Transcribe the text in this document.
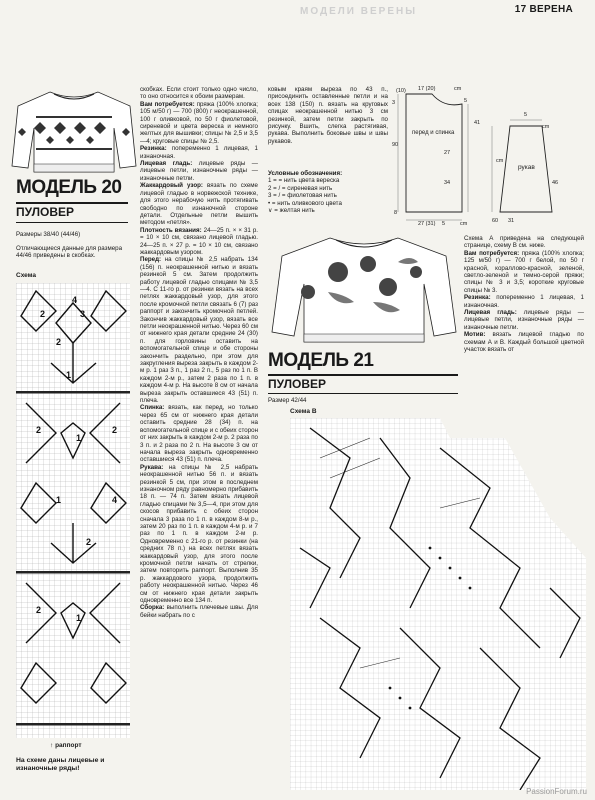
МОДЕЛИ ВЕРЕНЫ	17 ВЕРЕНА
МОДЕЛЬ 20
ПУЛОВЕР
Размеры 38/40 (44/46)
Отличающиеся данные для размера 44/46 приведены в скобках.
Схема
2
4
3
2
1
2
1
2
1
2
4
2
1
↑ раппорт
На схеме даны лицевые и изнаночные ряды!
скобках. Если стоит только одно число, то оно относится к обоим размерам.
Вам потребуется: пряжа (100% хлопка; 105 м/50 г) — 700 (800) г неокрашенной, 100 г оливковой, по 50 г фиолетовой, сиреневой и цвета вереска и немного желтых для вышивки; спицы № 2,5 и 3,5—4; круговые спицы № 2,5.
Резинка: попеременно 1 лицевая, 1 изнаночная.
Лицевая гладь: лицевые ряды — лицевые петли, изнаночные ряды — изнаночные петли.
Жаккардовый узор: вязать по схеме лицевой гладью в норвежской технике, для этого нерабочую нить протягивать свободно по изнаночной стороне детали. Отдельные петли вышить методом «петля».
Плотность вязания: 24—25 п. × × 31 р. = 10 × 10 см, связано лицевой гладью. 24—25 п. × 27 р. = 10 × 10 см, связано жаккардовым узором.
Перед: на спицы № 2,5 набрать 134 (156) п. неокрашенной нитью и вязать резинкой 5 см. Затем продолжить работу лицевой гладью спицами № 3,5—4. С 11-го р. от резинки вязать на всех петлях жаккардовый узор, для этого после кромочной петли связать 6 (7) раз раппорт и закончить кромочной петлей. Закончив жаккардовый узор, вязать все петли неокрашенной нитью. Через 60 см от нижнего края детали средние 24 (30) п. для горловины оставить на вспомогательной спице и обе стороны закончить раздельно, при этом для закругления выреза закрыть в каждом 2-м р. 1 раз 3 п., 1 раз 2 п., 5 раз по 1 п. В каждом 2-м р., затем 2 раза по 1 п. в каждом 4-м р. На высоте 8 см от начала выреза закрыть оставшиеся 43 (51) п. плеча.
Спинка: вязать, как перед, но только через 65 см от нижнего края детали оставить средние 28 (34) п. на вспомогательной спице и с обеих сторон от них закрыть в каждом 2-м р. 2 раза по 3 п. и 2 раза по 2 п. На высоте 3 см от начала выреза закрыть одновременно оставшиеся 43 (51) п. плеча.
Рукава: на спицы № 2,5 набрать неокрашенной нитью 56 п. и вязать резинкой 5 см, при этом в последнем изнаночном ряду равномерно прибавить 18 п. — 74 п. Затем вязать лицевой гладью спицами № 3,5—4, при этом для скосов прибавить с обеих сторон сначала 3 раза по 1 п. в каждом 8-м р., затем 20 раз по 1 п. в каждом 4-м р. и 7 раз по 1 п. в каждом 2-м р. Одновременно с 21-го р. от резинки (на средних 78 п.) на всех петлях вязать жаккардовый узор, для этого после кромочной петли начать от стрелки, затем повторить раппорт. Выполнив 35 р. жаккардового узора, продолжить работу неокрашенной нитью. Через 46 см от нижнего края детали закрыть одновременно все 134 п.
Сборка: выполнить плечевые швы. Для бейки набрать по с
ковым краям выреза по 43 п., присоединить оставленные петли и на всех 138 (150) п. вязать на круговых спицах неокрашенной нитью 3 см резинкой, затем петли закрыть по рисунку. Вшить, слегка растягивая, рукава. Выполнить боковые швы и швы рукавов.
Условные обозначения:
1 = = нить цвета вереска
2 = / = сиреневая нить
3 = / = фиолетовая нить
• = нить оливкового цвета
∨ = желтая нить
(10) 17 (20)	cm
5
90
3
27
34
27 (31) 5	cm
8
41
cm
31
5
cm
60
46
перед и спинка
рукав
Схема А приведена на следующей странице, схему В см. ниже.
Вам потребуется: пряжа (100% хлопка; 125 м/50 г) — 700 г белой, по 50 г красной, кораллово-красной, зеленой, светло-зеленой и темно-серой пряжи; спицы № 3 и 3,5; короткие круговые спицы № 3.
Резинка: попеременно 1 лицевая, 1 изнаночная.
Лицевая гладь: лицевые ряды — лицевые петли, изнаночные ряды — изнаночные петли.
Мотив: вязать лицевой гладью по схемам А и В. Каждый большой цветной участок вязать от
МОДЕЛЬ 21
ПУЛОВЕР
Размер 42/44
Схема В
PassionForum.ru
